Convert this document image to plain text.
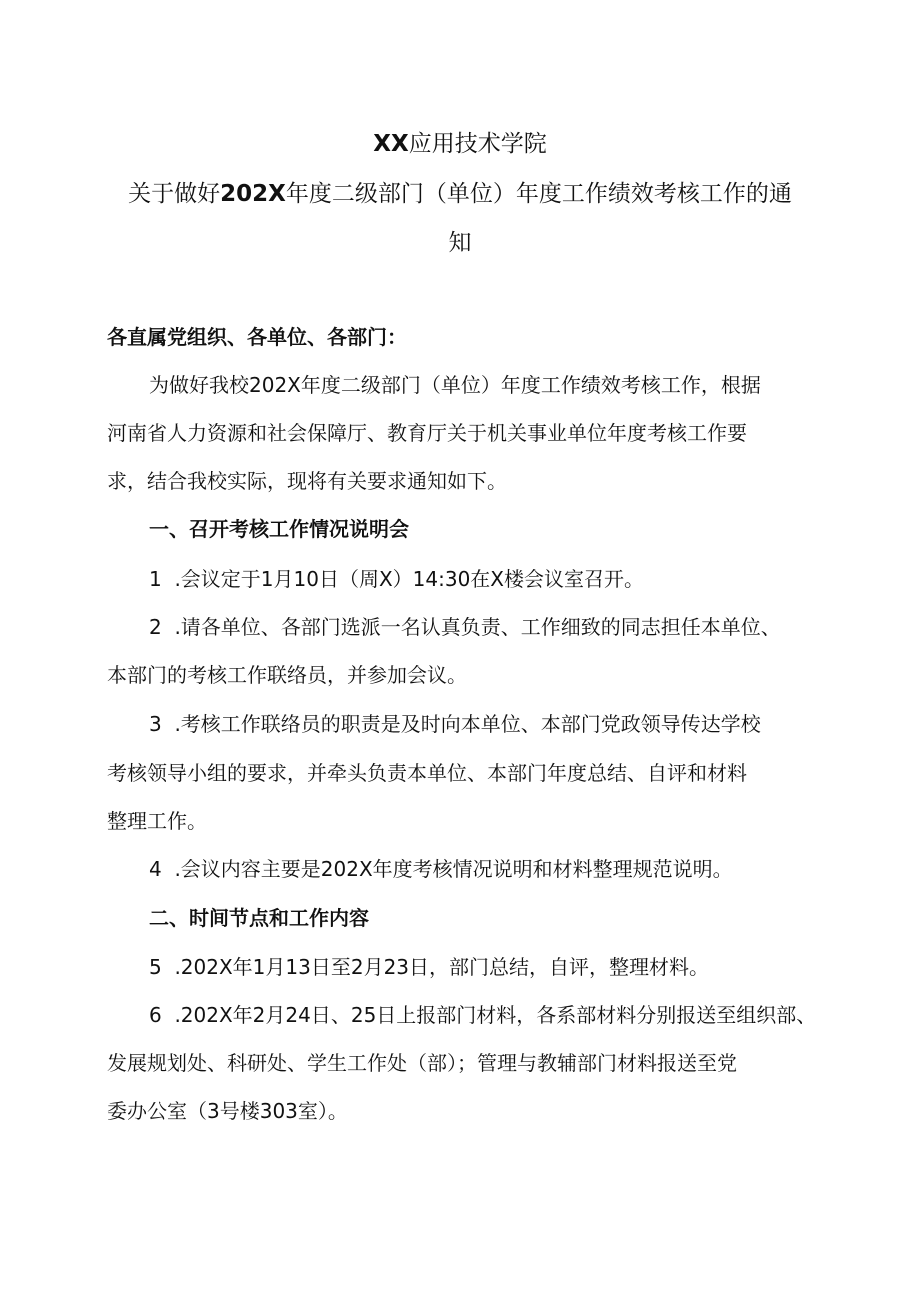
XX应用技术学院
关于做好202X年度二级部门（单位）年度工作绩效考核工作的通
知
各直属党组织、各单位、各部门：
为做好我校202X年度二级部门（单位）年度工作绩效考核工作，根据
河南省人力资源和社会保障厅、教育厅关于机关事业单位年度考核工作要
求，结合我校实际，现将有关要求通知如下。
一、召开考核工作情况说明会
1  .会议定于1月10日（周X）14:30在X楼会议室召开。
2  .请各单位、各部门选派一名认真负责、工作细致的同志担任本单位、
本部门的考核工作联络员，并参加会议。
3  .考核工作联络员的职责是及时向本单位、本部门党政领导传达学校
考核领导小组的要求，并牵头负责本单位、本部门年度总结、自评和材料
整理工作。
4  .会议内容主要是202X年度考核情况说明和材料整理规范说明。
二、时间节点和工作内容
5  .202X年1月13日至2月23日，部门总结，自评，整理材料。
6  .202X年2月24日、25日上报部门材料，各系部材料分别报送至组织部、
发展规划处、科研处、学生工作处（部）；管理与教辅部门材料报送至党
委办公室（3号楼303室）。
